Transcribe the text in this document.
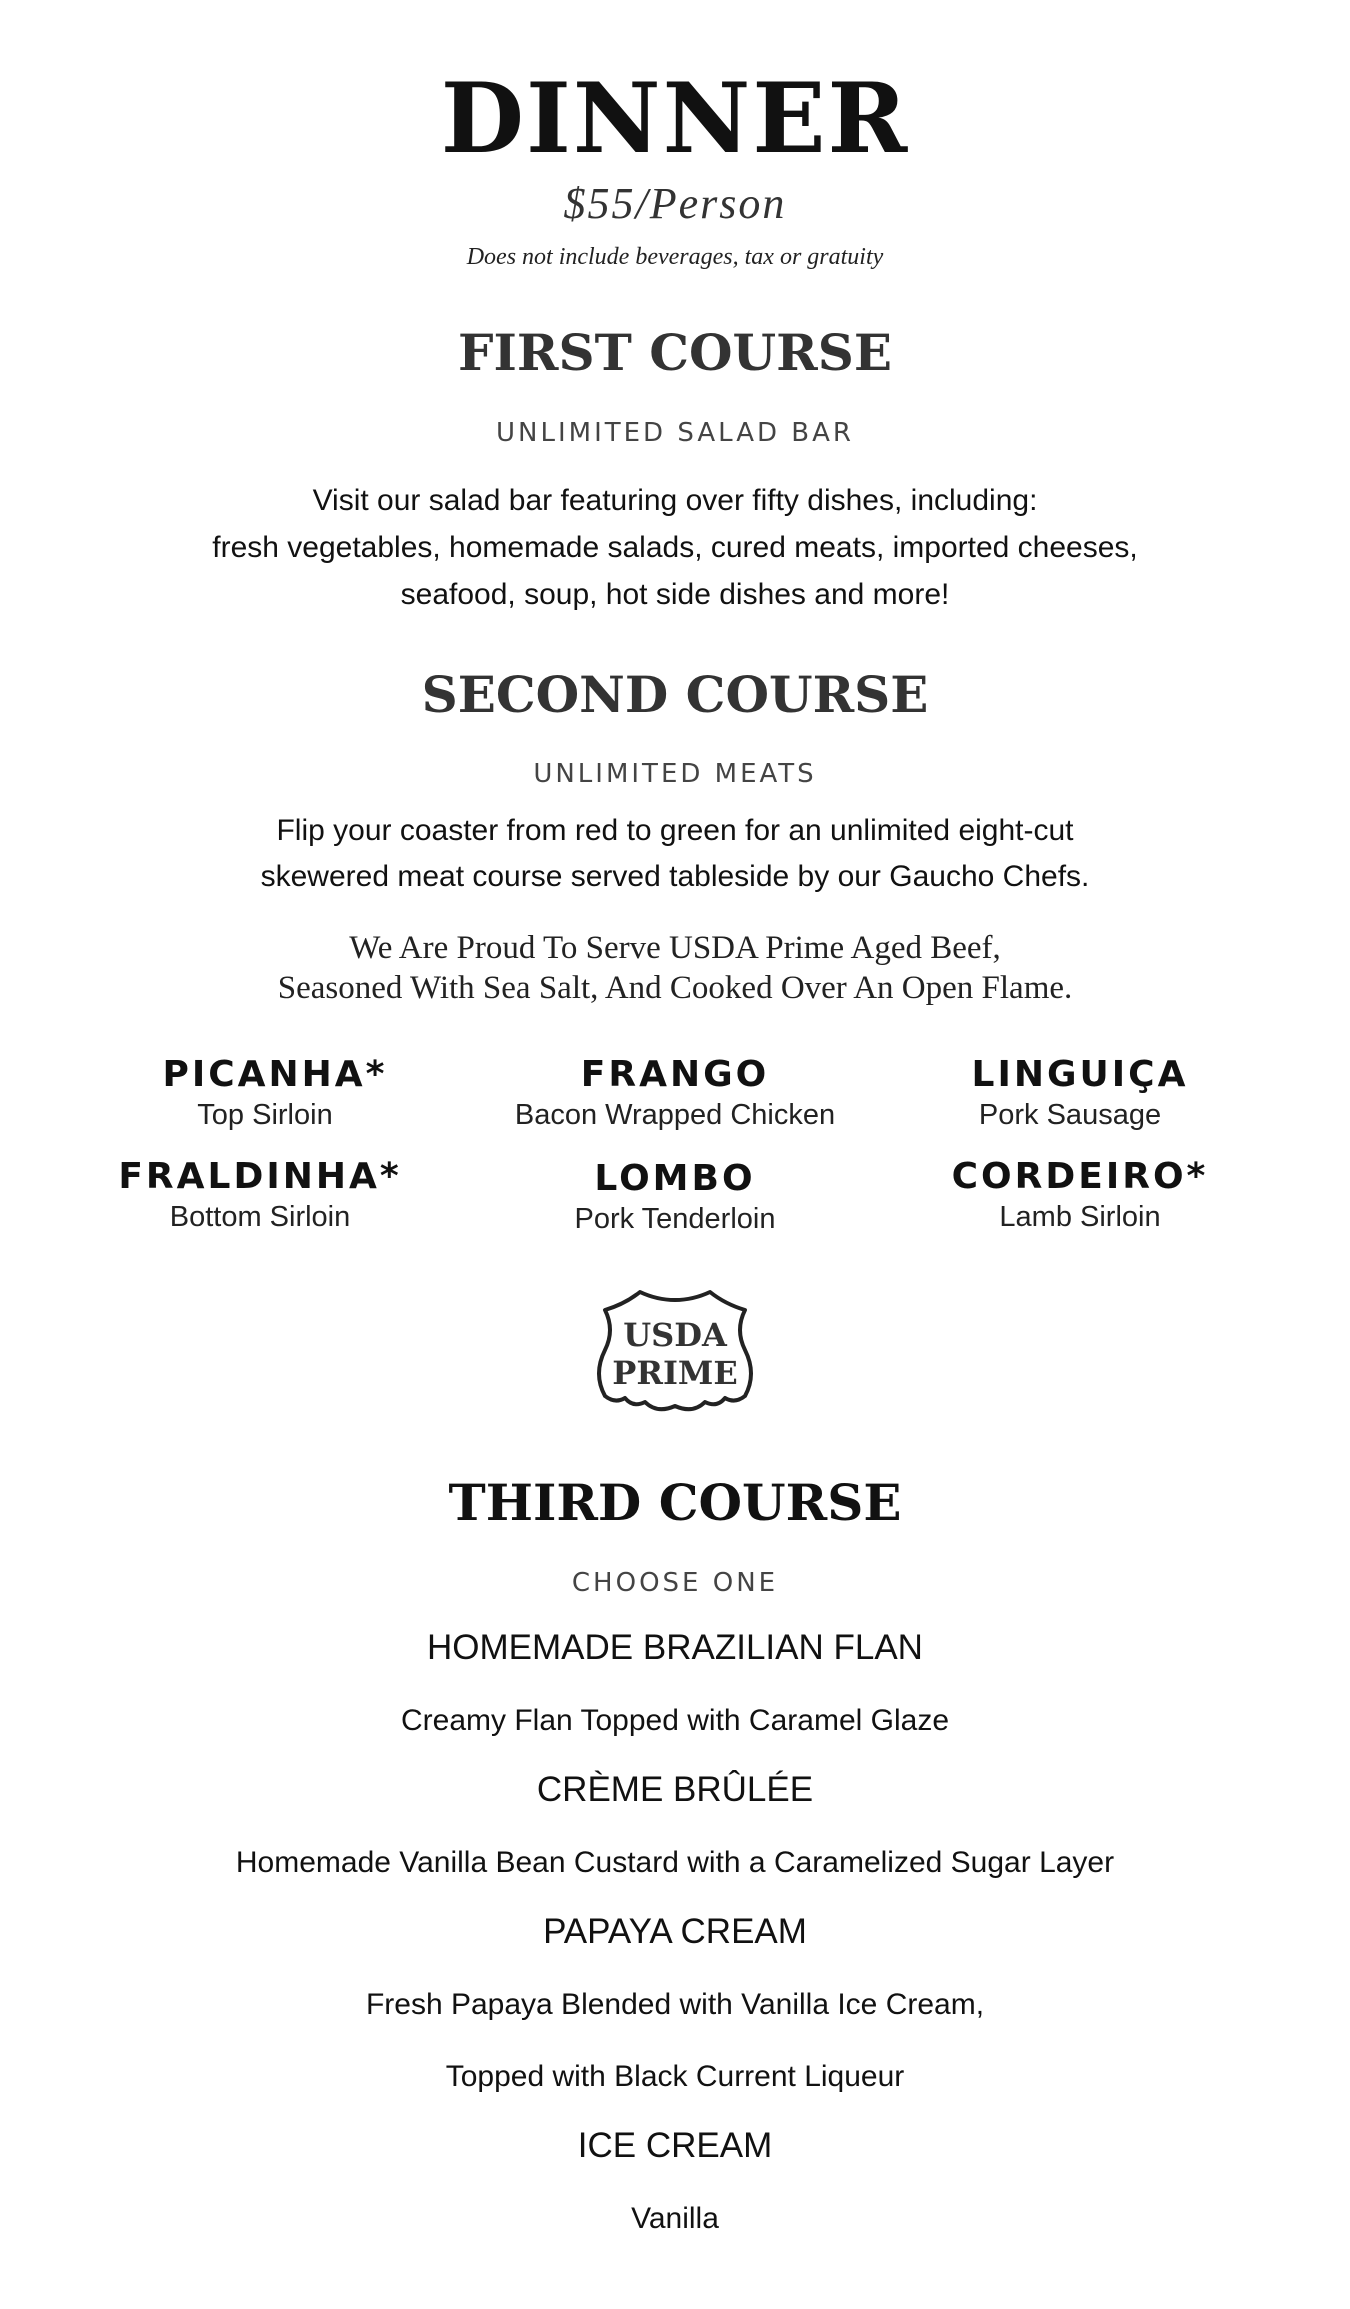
DINNER
$55/Person
Does not include beverages, tax or gratuity
FIRST COURSE
UNLIMITED SALAD BAR
Visit our salad bar featuring over fifty dishes, including:
fresh vegetables, homemade salads, cured meats, imported cheeses,
seafood, soup, hot side dishes and more!
SECOND COURSE
UNLIMITED MEATS
Flip your coaster from red to green for an unlimited eight-cut
skewered meat course served tableside by our Gaucho Chefs.
We Are Proud To Serve USDA Prime Aged Beef,
Seasoned With Sea Salt, And Cooked Over An Open Flame.
PICANHA*
Top Sirloin
FRANGO
Bacon Wrapped Chicken
LINGUIÇA
Pork Sausage
FRALDINHA*
Bottom Sirloin
LOMBO
Pork Tenderloin
CORDEIRO*
Lamb Sirloin
USDA
PRIME
THIRD COURSE
CHOOSE ONE
HOMEMADE BRAZILIAN FLAN
Creamy Flan Topped with Caramel Glaze
CRÈME BRÛLÉE
Homemade Vanilla Bean Custard with a Caramelized Sugar Layer
PAPAYA CREAM
Fresh Papaya Blended with Vanilla Ice Cream,
Topped with Black Current Liqueur
ICE CREAM
Vanilla
